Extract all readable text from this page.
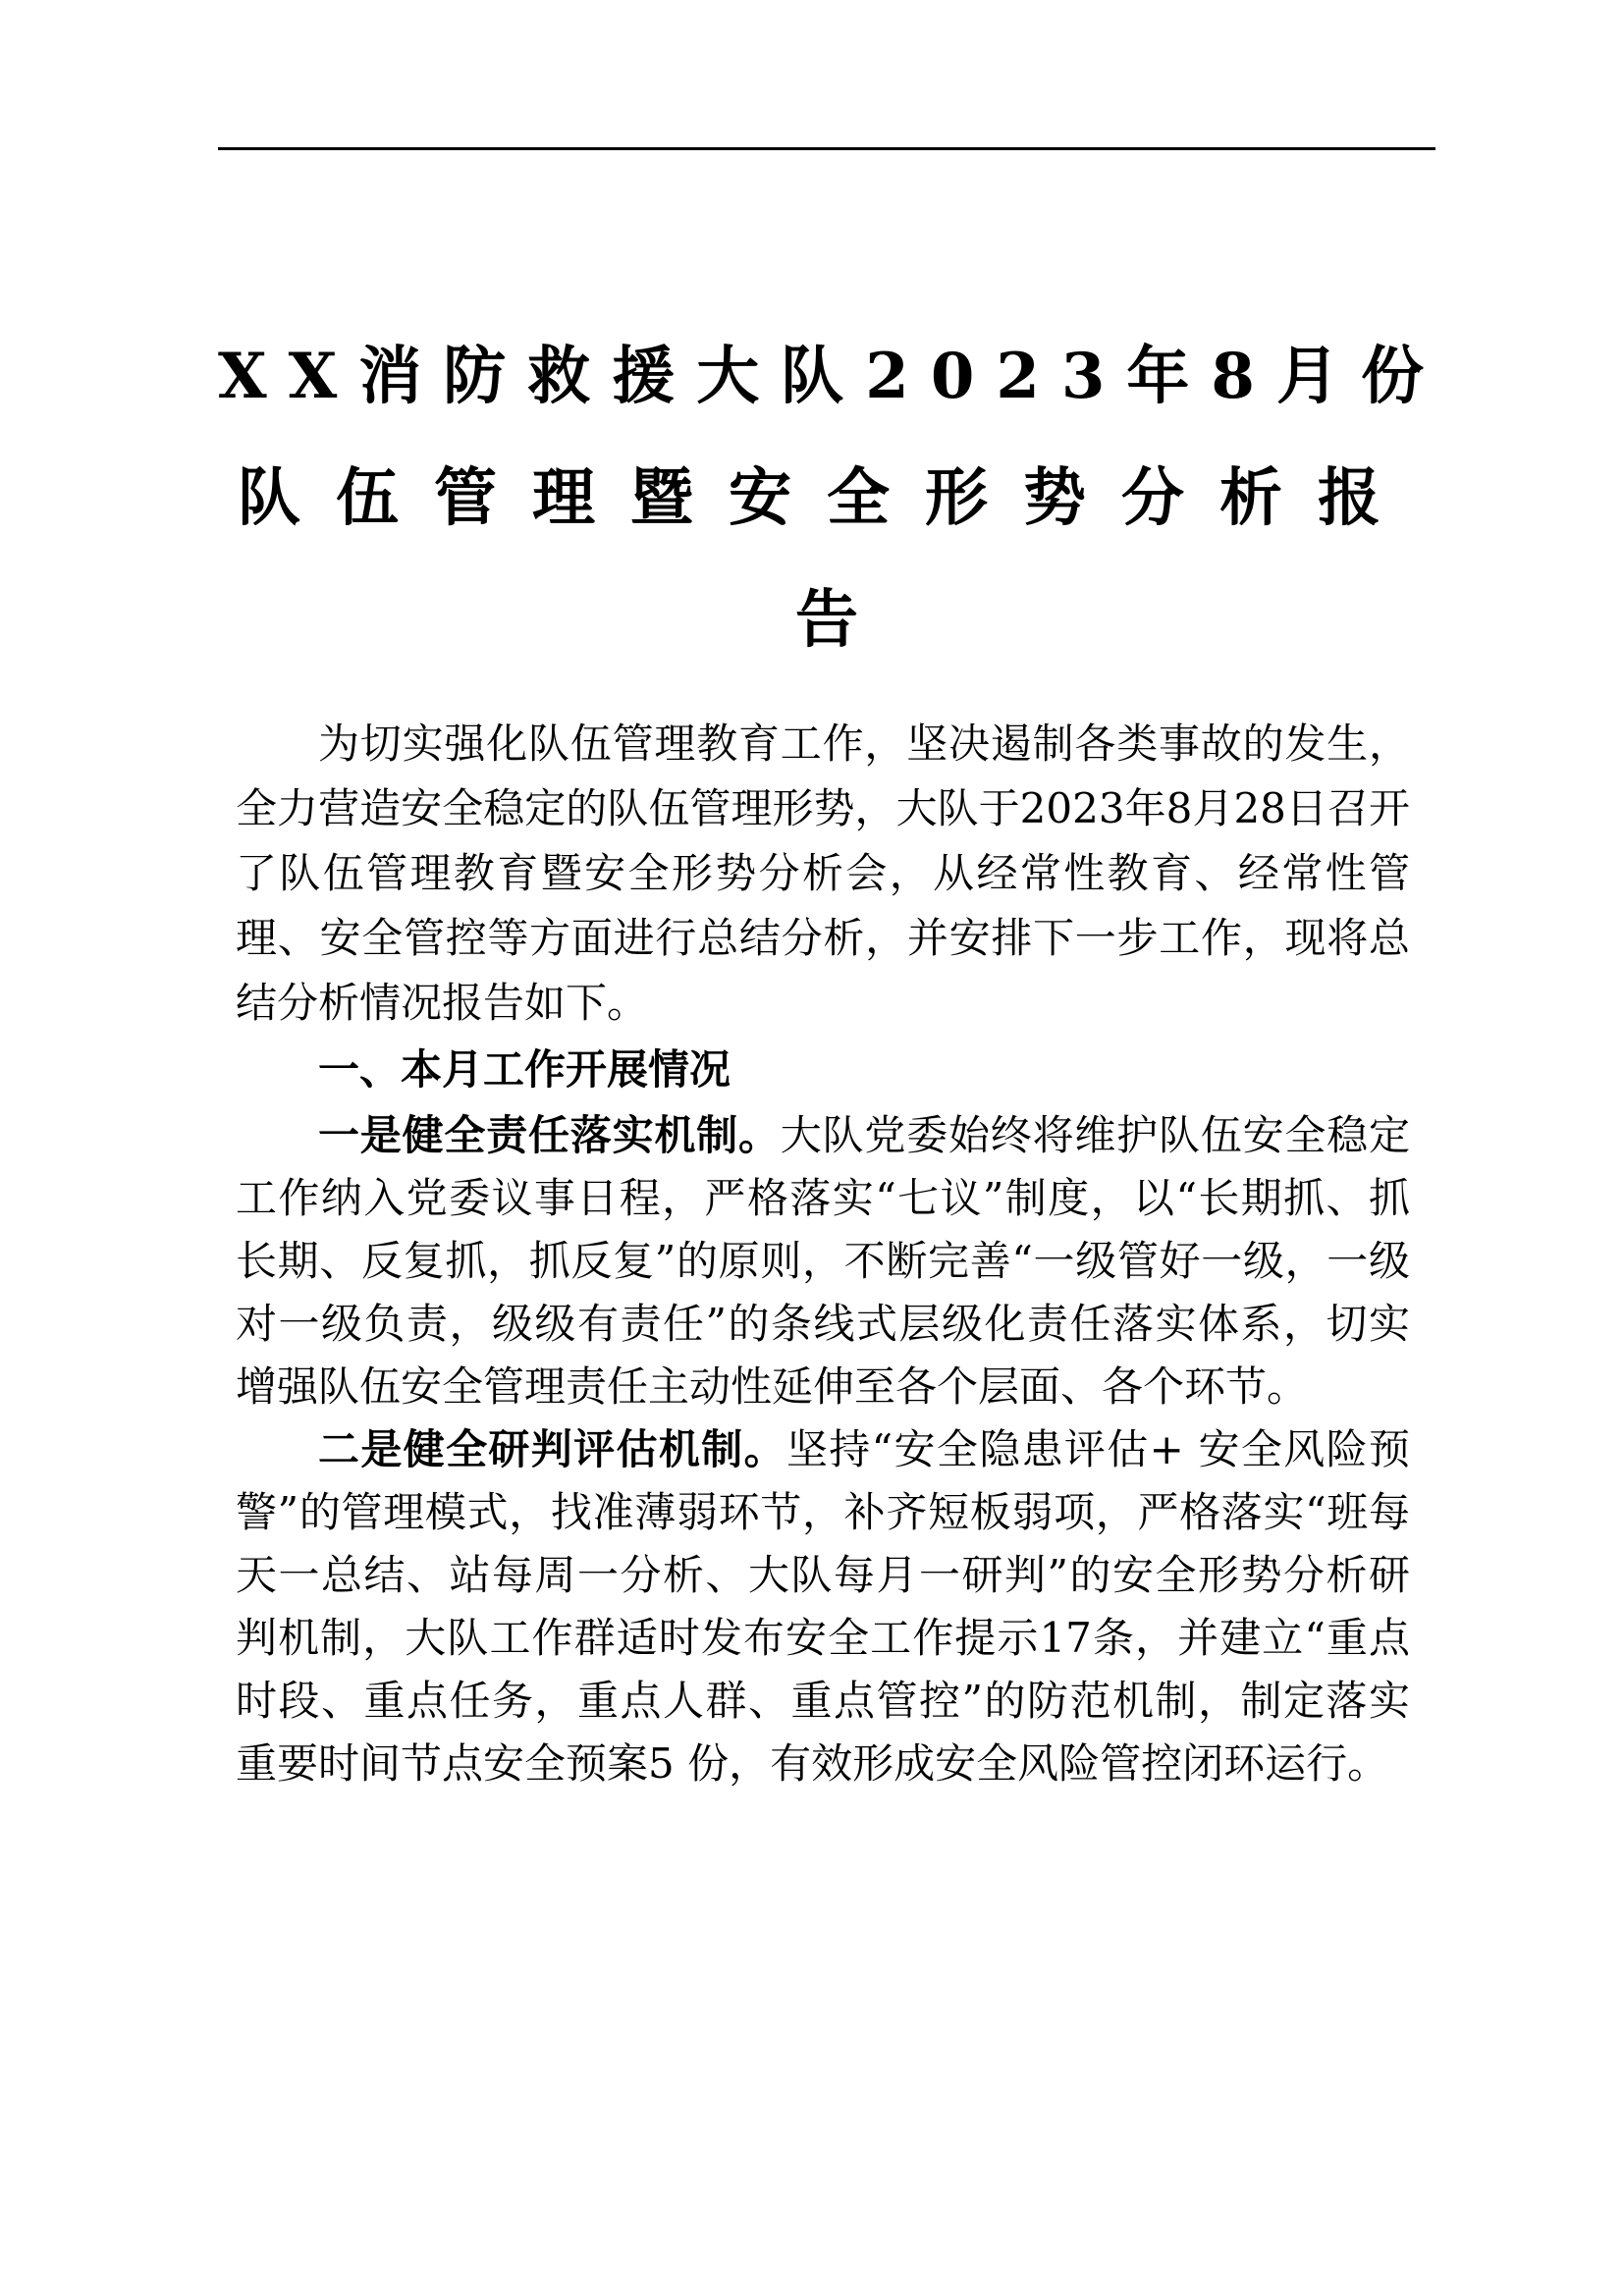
XX消防救援大队2023年8月份
队伍管理暨安全形势分析报
告

为切实强化队伍管理教育工作，坚决遏制各类事故的发生，全力营造安全稳定的队伍管理形势，大队于2023年8月28日召开了队伍管理教育暨安全形势分析会，从经常性教育、经常性管理、安全管控等方面进行总结分析，并安排下一步工作，现将总结分析情况报告如下。

一、本月工作开展情况

一是健全责任落实机制。大队党委始终将维护队伍安全稳定工作纳入党委议事日程，严格落实“七议”制度，以“长期抓、抓长期、反复抓，抓反复”的原则，不断完善“一级管好一级，一级对一级负责，级级有责任”的条线式层级化责任落实体系，切实增强队伍安全管理责任主动性延伸至各个层面、各个环节。

二是健全研判评估机制。坚持“安全隐患评估+ 安全风险预警”的管理模式，找准薄弱环节，补齐短板弱项，严格落实“班每天一总结、站每周一分析、大队每月一研判”的安全形势分析研判机制，大队工作群适时发布安全工作提示17条，并建立“重点时段、重点任务，重点人群、重点管控”的防范机制，制定落实重要时间节点安全预案5 份，有效形成安全风险管控闭环运行。
